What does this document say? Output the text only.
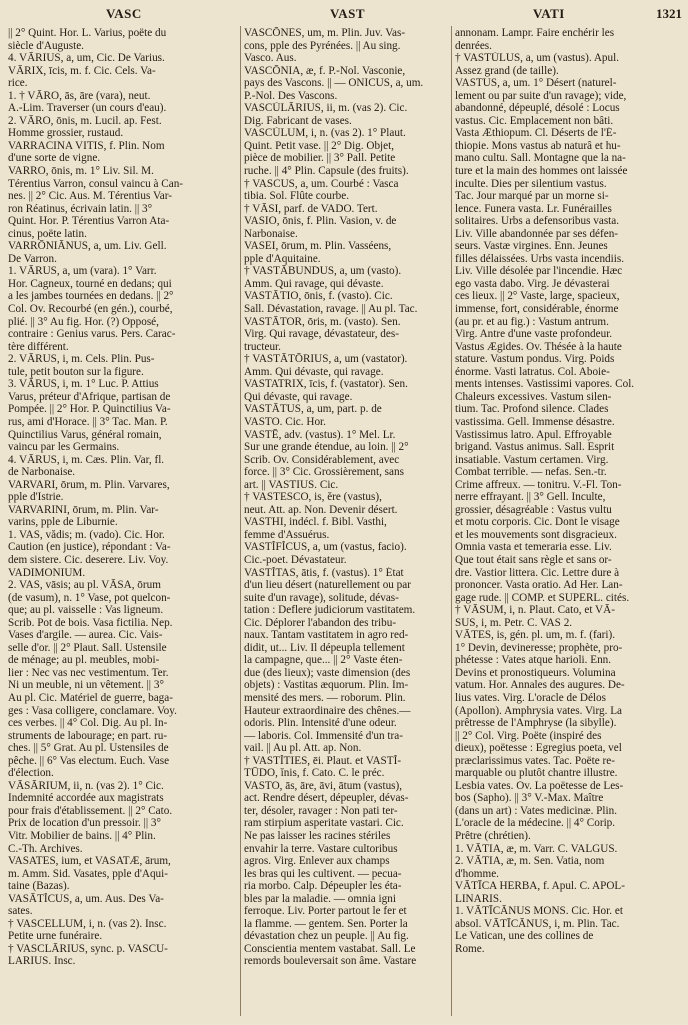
VASC	VAST	VATI	1321
|| 2° Quint. Hor. L. Varius, poëte du
siècle d'Auguste.
4. VĀRIUS, a, um, Cic. De Varius.
VĀRIX, īcis, m. f. Cic. Cels. Va-
rice.
1. † VĀRO, ās, āre (vara), neut.
A.-Lim. Traverser (un cours d'eau).
2. VĀRO, ōnis, m. Lucil. ap. Fest.
Homme grossier, rustaud.
VARRACINA VITIS, f. Plin. Nom
d'une sorte de vigne.
VARRO, ōnis, m. 1° Liv. Sil. M.
Térentius Varron, consul vaincu à Can-
nes. || 2° Cic. Aus. M. Térentius Var-
ron Réatinus, écrivain latin. || 3°
Quint. Hor. P. Térentius Varron Ata-
cinus, poëte latin.
VARRŌNIĀNUS, a, um. Liv. Gell.
De Varron.
1. VĀRUS, a, um (vara). 1° Varr.
Hor. Cagneux, tourné en dedans; qui
a les jambes tournées en dedans. || 2°
Col. Ov. Recourbé (en gén.), courbé,
plié. || 3° Au fig. Hor. (?) Opposé,
contraire : Genius varus. Pers. Carac-
tère différent.
2. VĀRUS, i, m. Cels. Plin. Pus-
tule, petit bouton sur la figure.
3. VĀRUS, i, m. 1° Luc. P. Attius
Varus, préteur d'Afrique, partisan de
Pompée. || 2° Hor. P. Quinctilius Va-
rus, ami d'Horace. || 3° Tac. Man. P.
Quinctilius Varus, général romain,
vaincu par les Germains.
4. VĀRUS, i, m. Cæs. Plin. Var, fl.
de Narbonaise.
VARVARI, ōrum, m. Plin. Varvares,
pple d'Istrie.
VARVARINI, ōrum, m. Plin. Var-
varins, pple de Liburnie.
1. VAS, vădis; m. (vado). Cic. Hor.
Caution (en justice), répondant : Va-
dem sistere. Cic. deserere. Liv. Voy.
VADIMONIUM.
2. VAS, vāsis; au pl. VĀSA, ōrum
(de vasum), n. 1° Vase, pot quelcon-
que; au pl. vaisselle : Vas ligneum.
Scrib. Pot de bois. Vasa fictilia. Nep.
Vases d'argile. — aurea. Cic. Vais-
selle d'or. || 2° Plaut. Sall. Ustensile
de ménage; au pl. meubles, mobi-
lier : Nec vas nec vestimentum. Ter.
Ni un meuble, ni un vêtement. || 3°
Au pl. Cic. Matériel de guerre, baga-
ges : Vasa colligere, conclamare. Voy.
ces verbes. || 4° Col. Dig. Au pl. In-
struments de labourage; en part. ru-
ches. || 5° Grat. Au pl. Ustensiles de
pêche. || 6° Vas electum. Euch. Vase
d'élection.
VĀSĀRIUM, ii, n. (vas 2). 1° Cic.
Indemnité accordée aux magistrats
pour frais d'établissement. || 2° Cato.
Prix de location d'un pressoir. || 3°
Vitr. Mobilier de bains. || 4° Plin.
C.-Th. Archives.
VASATES, ium, et VASATÆ, ārum,
m. Amm. Sid. Vasates, pple d'Aqui-
taine (Bazas).
VASĀTĬCUS, a, um. Aus. Des Va-
sates.
† VASCELLUM, i, n. (vas 2). Insc.
Petite urne funéraire.
† VASCLĀRIUS, sync. p. VASCU-
LARIUS. Insc.
VASCŌNES, um, m. Plin. Juv. Vas-
cons, pple des Pyrénées. || Au sing.
Vasco. Aus.
VASCŌNIA, æ, f. P.-Nol. Vasconie,
pays des Vascons. || — ONICUS, a, um.
P.-Nol. Des Vascons.
VASCŬLĀRIUS, ii, m. (vas 2). Cic.
Dig. Fabricant de vases.
VASCŬLUM, i, n. (vas 2). 1° Plaut.
Quint. Petit vase. || 2° Dig. Objet,
pièce de mobilier. || 3° Pall. Petite
ruche. || 4° Plin. Capsule (des fruits).
† VASCUS, a, um. Courbé : Vasca
tibia. Sol. Flûte courbe.
† VĀSI, parf. de VADO. Tert.
VASIO, ōnis, f. Plin. Vasion, v. de
Narbonaise.
VASEI, ōrum, m. Plin. Vasséens,
pple d'Aquitaine.
† VASTĀBUNDUS, a, um (vasto).
Amm. Qui ravage, qui dévaste.
VASTĀTIO, ōnis, f. (vasto). Cic.
Sall. Dévastation, ravage. || Au pl. Tac.
VASTĀTOR, ōris, m. (vasto). Sen.
Virg. Qui ravage, dévastateur, des-
tructeur.
† VASTĀTŌRIUS, a, um (vastator).
Amm. Qui dévaste, qui ravage.
VASTATRIX, īcis, f. (vastator). Sen.
Qui dévaste, qui ravage.
VASTĀTUS, a, um, part. p. de
VASTO. Cic. Hor.
VASTĒ, adv. (vastus). 1° Mel. Lr.
Sur une grande étendue, au loin. || 2°
Scrib. Ov. Considérablement, avec
force. || 3° Cic. Grossièrement, sans
art. || VASTIUS. Cic.
† VASTESCO, is, ĕre (vastus),
neut. Att. ap. Non. Devenir désert.
VASTHI, indécl. f. Bibl. Vasthi,
femme d'Assuérus.
VASTĬFĬCUS, a, um (vastus, facio).
Cic.-poet. Dévastateur.
VASTĬTAS, ātis, f. (vastus). 1° État
d'un lieu désert (naturellement ou par
suite d'un ravage), solitude, dévas-
tation : Deflere judiciorum vastitatem.
Cic. Déplorer l'abandon des tribu-
naux. Tantam vastitatem in agro red-
didit, ut... Liv. Il dépeupla tellement
la campagne, que... || 2° Vaste éten-
due (des lieux); vaste dimension (des
objets) : Vastitas æquorum. Plin. Im-
mensité des mers. — roborum. Plin.
Hauteur extraordinaire des chênes.—
odoris. Plin. Intensité d'une odeur.
— laboris. Col. Immensité d'un tra-
vail. || Au pl. Att. ap. Non.
† VASTĬTIES, ēi. Plaut. et VASTĬ-
TŪDO, ĭnis, f. Cato. C. le préc.
VASTO, ās, āre, āvi, ātum (vastus),
act. Rendre désert, dépeupler, dévas-
ter, désoler, ravager : Non pati ter-
ram stirpium asperitate vastari. Cic.
Ne pas laisser les racines stériles
envahir la terre. Vastare cultoribus
agros. Virg. Enlever aux champs
les bras qui les cultivent. — pecua-
ria morbo. Calp. Dépeupler les éta-
bles par la maladie. — omnia igni
ferroque. Liv. Porter partout le fer et
la flamme. — gentem. Sen. Porter la
dévastation chez un peuple. || Au fig.
Conscientia mentem vastabat. Sall. Le
remords bouleversait son âme. Vastare
annonam. Lampr. Faire enchérir les
denrées.
† VASTŬLUS, a, um (vastus). Apul.
Assez grand (de taille).
VASTUS, a, um. 1° Désert (naturel-
lement ou par suite d'un ravage); vide,
abandonné, dépeuplé, désolé : Locus
vastus. Cic. Emplacement non bâti.
Vasta Æthiopum. Cl. Déserts de l'É-
thiopie. Mons vastus ab naturâ et hu-
mano cultu. Sall. Montagne que la na-
ture et la main des hommes ont laissée
inculte. Dies per silentium vastus.
Tac. Jour marqué par un morne si-
lence. Funera vasta. Lr. Funérailles
solitaires. Urbs a defensoribus vasta.
Liv. Ville abandonnée par ses défen-
seurs. Vastæ virgines. Enn. Jeunes
filles délaissées. Urbs vasta incendiis.
Liv. Ville désolée par l'incendie. Hæc
ego vasta dabo. Virg. Je dévasterai
ces lieux. || 2° Vaste, large, spacieux,
immense, fort, considérable, énorme
(au pr. et au fig.) : Vastum antrum.
Virg. Antre d'une vaste profondeur.
Vastus Ægides. Ov. Thésée à la haute
stature. Vastum pondus. Virg. Poids
énorme. Vasti latratus. Col. Aboie-
ments intenses. Vastissimi vapores. Col.
Chaleurs excessives. Vastum silen-
tium. Tac. Profond silence. Clades
vastissima. Gell. Immense désastre.
Vastissimus latro. Apul. Effroyable
brigand. Vastus animus. Sall. Esprit
insatiable. Vastum certamen. Virg.
Combat terrible. — nefas. Sen.-tr.
Crime affreux. — tonitru. V.-Fl. Ton-
nerre effrayant. || 3° Gell. Inculte,
grossier, désagréable : Vastus vultu
et motu corporis. Cic. Dont le visage
et les mouvements sont disgracieux.
Omnia vasta et temeraria esse. Liv.
Que tout était sans règle et sans or-
dre. Vastior littera. Cic. Lettre dure à
prononcer. Vasta oratio. Ad Her. Lan-
gage rude. || COMP. et SUPERL. cités.
† VĀSUM, i, n. Plaut. Cato, et VĀ-
SUS, i, m. Petr. C. VAS 2.
VĀTES, is, gén. pl. um, m. f. (fari).
1° Devin, devineresse; prophète, pro-
phétesse : Vates atque harioli. Enn.
Devins et pronostiqueurs. Volumina
vatum. Hor. Annales des augures. De-
lius vates. Virg. L'oracle de Délos
(Apollon). Amphrysia vates. Virg. La
prêtresse de l'Amphryse (la sibylle).
|| 2° Col. Virg. Poëte (inspiré des
dieux), poëtesse : Egregius poeta, vel
præclarissimus vates. Tac. Poëte re-
marquable ou plutôt chantre illustre.
Lesbia vates. Ov. La poëtesse de Les-
bos (Sapho). || 3° V.-Max. Maître
(dans un art) : Vates medicinæ. Plin.
L'oracle de la médecine. || 4° Corip.
Prêtre (chrétien).
1. VĀTIA, æ, m. Varr. C. VALGUS.
2. VĀTIA, æ, m. Sen. Vatia, nom
d'homme.
VĀTĪCA HERBA, f. Apul. C. APOL-
LINARIS.
1. VĀTĪCĀNUS MONS. Cic. Hor. et
absol. VĀTĪCĀNUS, i, m. Plin. Tac.
Le Vatican, une des collines de
Rome.
